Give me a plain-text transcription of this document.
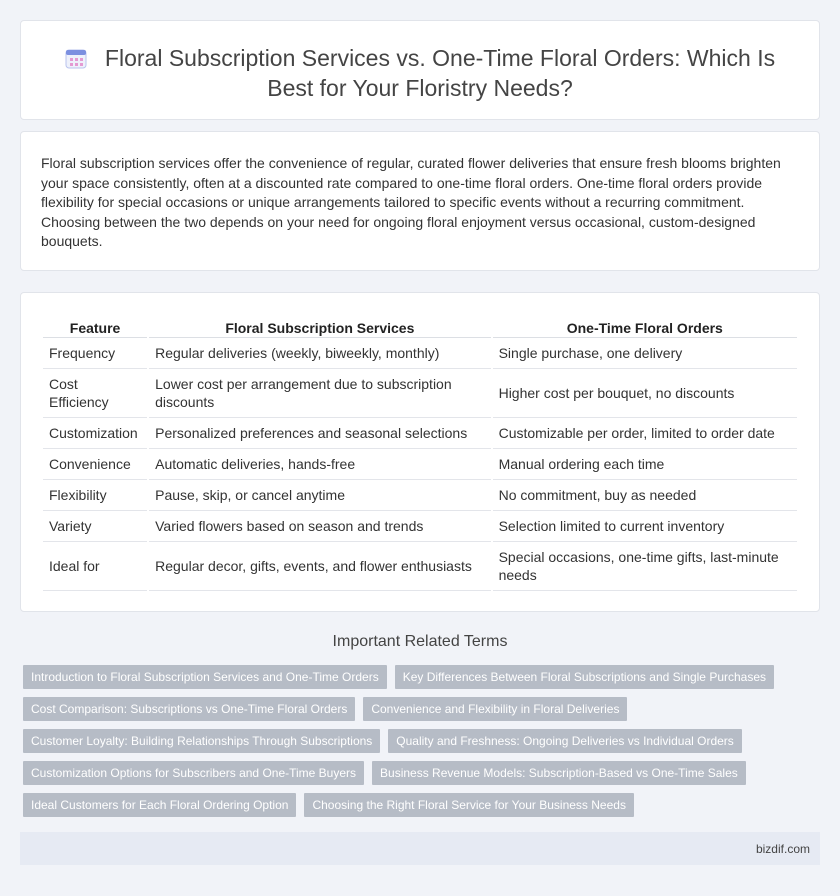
Floral Subscription Services vs. One-Time Floral Orders: Which Is
Best for Your Floristry Needs?

Floral subscription services offer the convenience of regular, curated flower deliveries that ensure fresh blooms brighten your space consistently, often at a discounted rate compared to one-time floral orders. One-time floral orders provide flexibility for special occasions or unique arrangements tailored to specific events without a recurring commitment. Choosing between the two depends on your need for ongoing floral enjoyment versus occasional, custom-designed bouquets.

Feature	Floral Subscription Services	One-Time Floral Orders
Frequency	Regular deliveries (weekly, biweekly, monthly)	Single purchase, one delivery
Cost Efficiency	Lower cost per arrangement due to subscription discounts	Higher cost per bouquet, no discounts
Customization	Personalized preferences and seasonal selections	Customizable per order, limited to order date
Convenience	Automatic deliveries, hands-free	Manual ordering each time
Flexibility	Pause, skip, or cancel anytime	No commitment, buy as needed
Variety	Varied flowers based on season and trends	Selection limited to current inventory
Ideal for	Regular decor, gifts, events, and flower enthusiasts	Special occasions, one-time gifts, last-minute needs
Important Related Terms
Introduction to Floral Subscription Services and One-Time Orders	Key Differences Between Floral Subscriptions and Single Purchases
Cost Comparison: Subscriptions vs One-Time Floral Orders	Convenience and Flexibility in Floral Deliveries
Customer Loyalty: Building Relationships Through Subscriptions	Quality and Freshness: Ongoing Deliveries vs Individual Orders
Customization Options for Subscribers and One-Time Buyers	Business Revenue Models: Subscription-Based vs One-Time Sales
Ideal Customers for Each Floral Ordering Option	Choosing the Right Floral Service for Your Business Needs
bizdif.com
